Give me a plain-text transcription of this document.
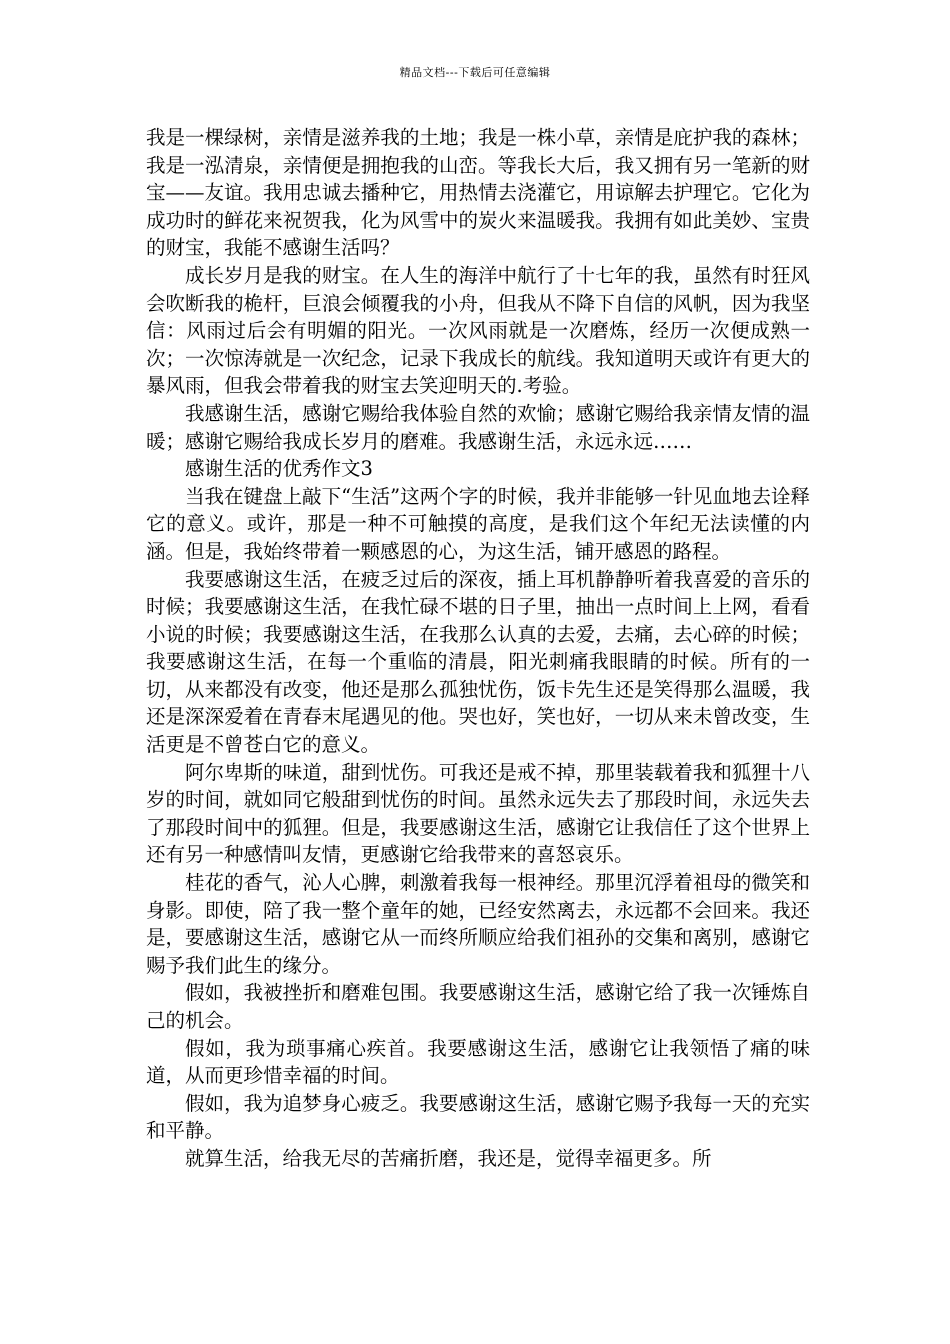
精品文档---下载后可任意编辑

我是一棵绿树，亲情是滋养我的土地；我是一株小草，亲情是庇护我的森林；我是一泓清泉，亲情便是拥抱我的山峦。等我长大后，我又拥有另一笔新的财宝——友谊。我用忠诚去播种它，用热情去浇灌它，用谅解去护理它。它化为成功时的鲜花来祝贺我，化为风雪中的炭火来温暖我。我拥有如此美妙、宝贵的财宝，我能不感谢生活吗？

成长岁月是我的财宝。在人生的海洋中航行了十七年的我，虽然有时狂风会吹断我的桅杆，巨浪会倾覆我的小舟，但我从不降下自信的风帆，因为我坚信：风雨过后会有明媚的阳光。一次风雨就是一次磨炼，经历一次便成熟一次；一次惊涛就是一次纪念，记录下我成长的航线。我知道明天或许有更大的暴风雨，但我会带着我的财宝去笑迎明天的.考验。

我感谢生活，感谢它赐给我体验自然的欢愉；感谢它赐给我亲情友情的温暖；感谢它赐给我成长岁月的磨难。我感谢生活，永远永远……

感谢生活的优秀作文3

当我在键盘上敲下“生活”这两个字的时候，我并非能够一针见血地去诠释它的意义。或许，那是一种不可触摸的高度，是我们这个年纪无法读懂的内涵。但是，我始终带着一颗感恩的心，为这生活，铺开感恩的路程。

我要感谢这生活，在疲乏过后的深夜，插上耳机静静听着我喜爱的音乐的时候；我要感谢这生活，在我忙碌不堪的日子里，抽出一点时间上上网，看看小说的时候；我要感谢这生活，在我那么认真的去爱，去痛，去心碎的时候；我要感谢这生活，在每一个重临的清晨，阳光刺痛我眼睛的时候。所有的一切，从来都没有改变，他还是那么孤独忧伤，饭卡先生还是笑得那么温暖，我还是深深爱着在青春末尾遇见的他。哭也好，笑也好，一切从来未曾改变，生活更是不曾苍白它的意义。

阿尔卑斯的味道，甜到忧伤。可我还是戒不掉，那里装载着我和狐狸十八岁的时间，就如同它般甜到忧伤的时间。虽然永远失去了那段时间，永远失去了那段时间中的狐狸。但是，我要感谢这生活，感谢它让我信任了这个世界上还有另一种感情叫友情，更感谢它给我带来的喜怒哀乐。

桂花的香气，沁人心脾，刺激着我每一根神经。那里沉浮着祖母的微笑和身影。即使，陪了我一整个童年的她，已经安然离去，永远都不会回来。我还是，要感谢这生活，感谢它从一而终所顺应给我们祖孙的交集和离别，感谢它赐予我们此生的缘分。

假如，我被挫折和磨难包围。我要感谢这生活，感谢它给了我一次锤炼自己的机会。

假如，我为琐事痛心疾首。我要感谢这生活，感谢它让我领悟了痛的味道，从而更珍惜幸福的时间。

假如，我为追梦身心疲乏。我要感谢这生活，感谢它赐予我每一天的充实和平静。

就算生活，给我无尽的苦痛折磨，我还是，觉得幸福更多。所
